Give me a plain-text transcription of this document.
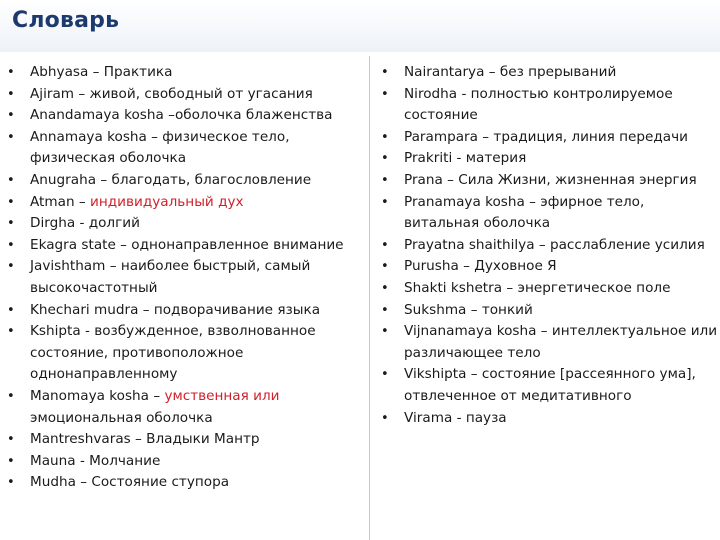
Словарь
• Abhyasa – Практика
• Ajiram – живой, свободный от угасания
• Anandamaya kosha –оболочка блаженства
• Annamaya kosha – физическое тело, физическая оболочка
• Anugraha – благодать, благословление
• Atman – индивидуальный дух
• Dirgha - долгий
• Ekagra state – однонаправленное внимание
• Javishtham – наиболее быстрый, самый высокочастотный
• Khechari mudra – подворачивание языка
• Kshipta - возбужденное, взволнованное состояние, противоположное однонаправленному
• Manomaya kosha – умственная или эмоциональная оболочка
• Mantreshvaras – Владыки Мантр
• Mauna - Молчание
• Mudha – Состояние ступора
• Nairantarya – без прерываний
• Nirodha - полностью контролируемое состояние
• Parampara – традиция, линия передачи
• Prakriti - материя
• Prana – Сила Жизни, жизненная энергия
• Pranamaya kosha – эфирное тело, витальная оболочка
• Prayatna shaithilya – расслабление усилия
• Purusha – Духовное Я
• Shakti kshetra – энергетическое поле
• Sukshma – тонкий
• Vijnanamaya kosha – интеллектуальное или различающее тело
• Vikshipta – состояние [рассеянного ума], отвлеченное от медитативного
• Virama - пауза
